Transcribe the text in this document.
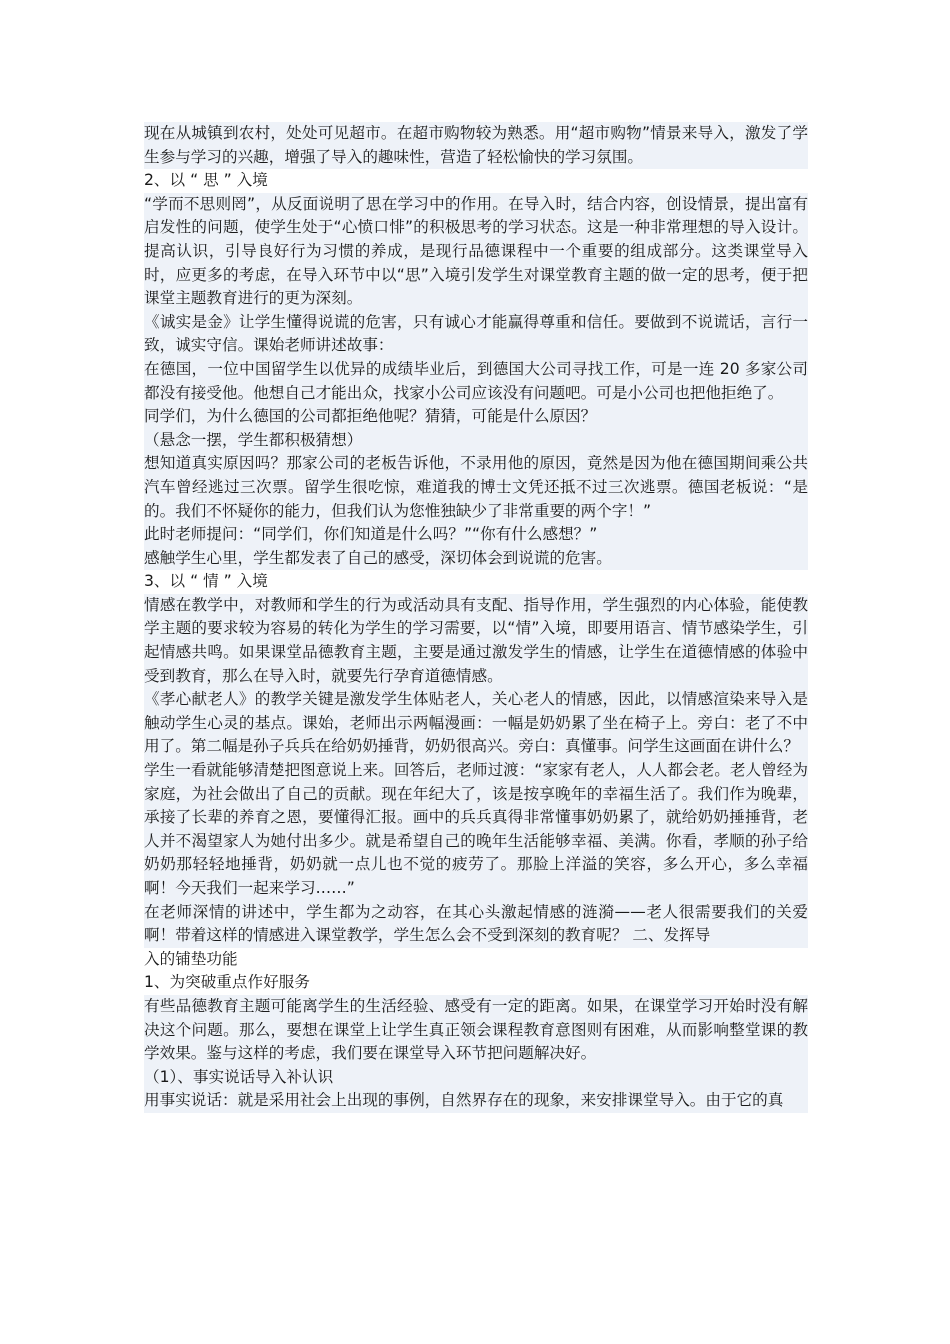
现在从城镇到农村，处处可见超市。在超市购物较为熟悉。用“超市购物”情景来导入，激发了学生参与学习的兴趣，增强了导入的趣味性，营造了轻松愉快的学习氛围。

2、以 “ 思 ” 入境

“学而不思则罔”，从反面说明了思在学习中的作用。在导入时，结合内容，创设情景，提出富有启发性的问题，使学生处于“心愤口悱”的积极思考的学习状态。这是一种非常理想的导入设计。提高认识，引导良好行为习惯的养成，是现行品德课程中一个重要的组成部分。这类课堂导入时，应更多的考虑，在导入环节中以“思”入境引发学生对课堂教育主题的做一定的思考，便于把课堂主题教育进行的更为深刻。

《诚实是金》让学生懂得说谎的危害，只有诚心才能赢得尊重和信任。要做到不说谎话，言行一致，诚实守信。课始老师讲述故事：

在德国，一位中国留学生以优异的成绩毕业后，到德国大公司寻找工作，可是一连 20 多家公司都没有接受他。他想自己才能出众，找家小公司应该没有问题吧。可是小公司也把他拒绝了。

同学们，为什么德国的公司都拒绝他呢？猜猜，可能是什么原因？

（悬念一摆，学生都积极猜想）

想知道真实原因吗？那家公司的老板告诉他，不录用他的原因，竟然是因为他在德国期间乘公共汽车曾经逃过三次票。留学生很吃惊，难道我的博士文凭还抵不过三次逃票。德国老板说：“是的。我们不怀疑你的能力，但我们认为您惟独缺少了非常重要的两个字！”

此时老师提问：“同学们，你们知道是什么吗？”“你有什么感想？”

感触学生心里，学生都发表了自己的感受，深切体会到说谎的危害。

3、以 “ 情 ” 入境

情感在教学中，对教师和学生的行为或活动具有支配、指导作用，学生强烈的内心体验，能使教学主题的要求较为容易的转化为学生的学习需要，以“情”入境，即要用语言、情节感染学生，引起情感共鸣。如果课堂品德教育主题，主要是通过激发学生的情感，让学生在道德情感的体验中受到教育，那么在导入时，就要先行孕育道德情感。

《孝心献老人》的教学关键是激发学生体贴老人，关心老人的情感，因此，以情感渲染来导入是触动学生心灵的基点。课始，老师出示两幅漫画：一幅是奶奶累了坐在椅子上。旁白：老了不中用了。第二幅是孙子兵兵在给奶奶捶背，奶奶很高兴。旁白：真懂事。问学生这画面在讲什么？

学生一看就能够清楚把图意说上来。回答后，老师过渡：“家家有老人，人人都会老。老人曾经为家庭，为社会做出了自己的贡献。现在年纪大了，该是按享晚年的幸福生活了。我们作为晚辈，承接了长辈的养育之恩，要懂得汇报。画中的兵兵真得非常懂事奶奶累了，就给奶奶捶捶背，老人并不渴望家人为她付出多少。就是希望自己的晚年生活能够幸福、美满。你看，孝顺的孙子给奶奶那轻轻地捶背，奶奶就一点儿也不觉的疲劳了。那脸上洋溢的笑容，多么开心，多么幸福啊！今天我们一起来学习……”

在老师深情的讲述中，学生都为之动容，在其心头激起情感的涟漪——老人很需要我们的关爱啊！带着这样的情感进入课堂教学，学生怎么会不受到深刻的教育呢？ 二、发挥导

入的铺垫功能

1、为突破重点作好服务

有些品德教育主题可能离学生的生活经验、感受有一定的距离。如果，在课堂学习开始时没有解决这个问题。那么，要想在课堂上让学生真正领会课程教育意图则有困难，从而影响整堂课的教学效果。鉴与这样的考虑，我们要在课堂导入环节把问题解决好。

（1）、事实说话导入补认识

用事实说话：就是采用社会上出现的事例，自然界存在的现象，来安排课堂导入。由于它的真
